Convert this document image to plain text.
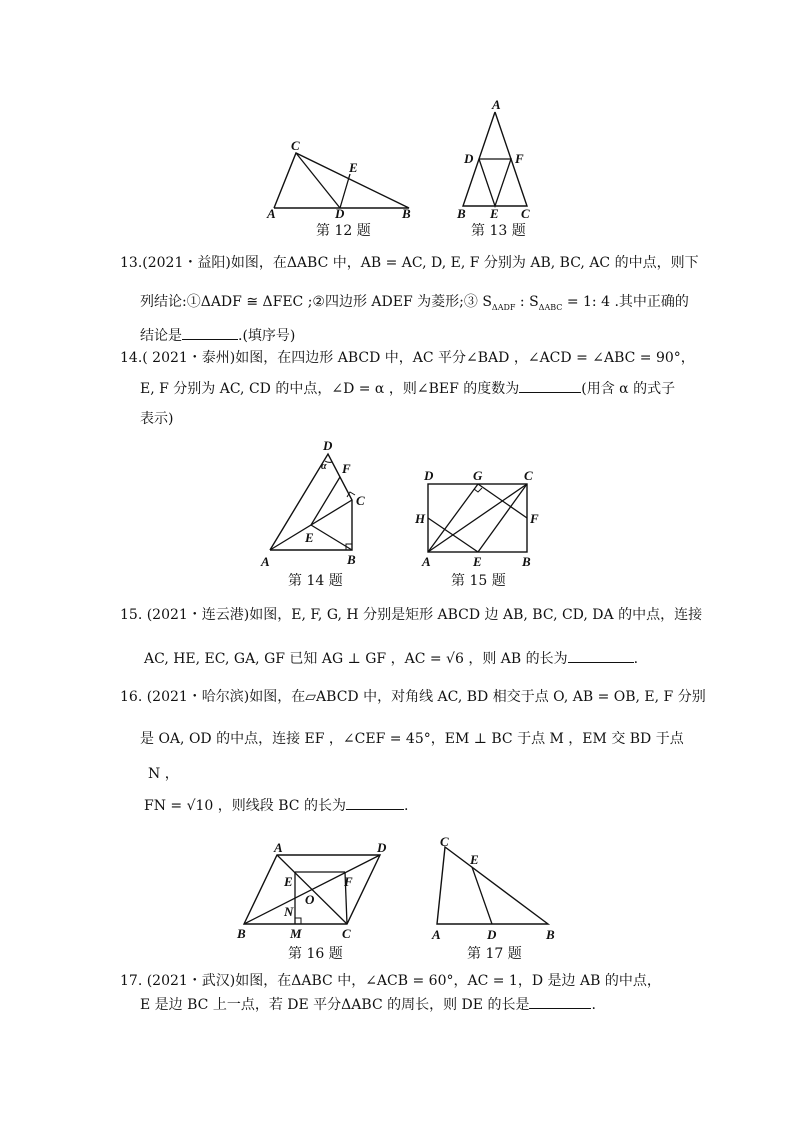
C
E
A	D	B
第 12 题
A
D	F
B E C
第 13 题
13.(2021・益阳)如图，在ΔABC 中，AB = AC, D, E, F 分别为 AB, BC, AC 的中点，则下
列结论:①ΔADF ≅ ΔFEC ;②四边形 ADEF 为菱形;③ $S_{\Delta ADF}$ : $S_{\Delta ABC} = 1$: 4 .其中正确的
结论是	.(填序号)
14.( 2021・泰州)如图，在四边形 ABCD 中，AC 平分∠BAD ，∠ACD = ∠ABC = 90°，
E, F 分别为 AC, CD 的中点，∠D = α ，则∠BEF 的度数为	(用含 α 的式子
表示)
D
α F
C
E
A	B
第 14 题
D	G	C
H	F
A	E	B
第 15 题
15. (2021・连云港)如图，E, F, G, H 分别是矩形 ABCD 边 AB, BC, CD, DA 的中点，连接
AC, HE, EC, GA, GF 已知 AG ⊥ GF ，AC = √6 ，则 AB 的长为	.
16. (2021・哈尔滨)如图，在▱ABCD 中，对角线 AC, BD 相交于点 O, AB = OB, E, F 分别
是 OA, OD 的中点，连接 EF ，∠CEF = 45°，EM ⊥ BC 于点 M ，EM 交 BD 于点
N ，
FN = √10 ，则线段 BC 的长为	.
A	D
E	F
O
N
B	M	C
第 16 题
C
E
A	D	B
第 17 题
17. (2021・武汉)如图，在ΔABC 中，∠ACB = 60°，AC = 1，D 是边 AB 的中点，
E 是边 BC 上一点，若 DE 平分ΔABC 的周长，则 DE 的长是	.
